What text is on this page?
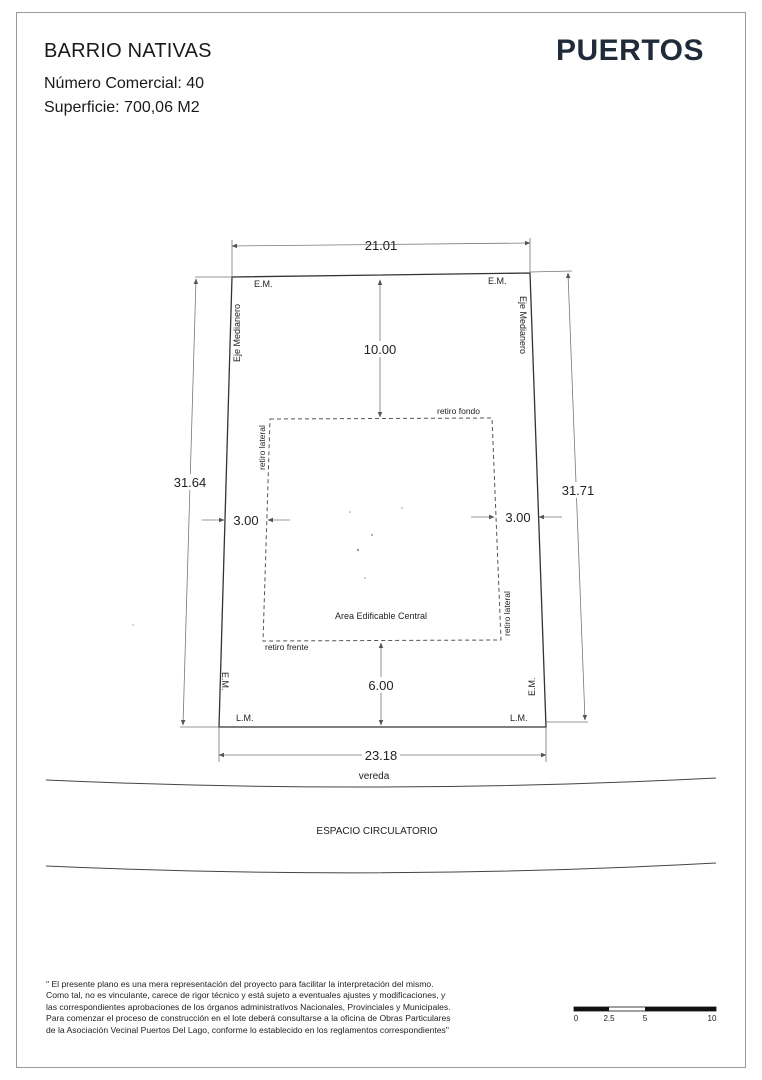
BARRIO NATIVAS
Número Comercial: 40
Superficie: 700,06 M2
PUERTOS
21.01
23.18
31.64
31.71
10.00
6.00
3.00	3.00
E.M.	E.M.
E.M.	E.M.
L.M.	L.M.
Eje Medianero	Eje Medianero
retiro fondo
retiro frente
retiro lateral
retiro lateral
Area Edificable Central
vereda
ESPACIO CIRCULATORIO
0	2.5	5	10

" El presente plano es una mera representación del proyecto para facilitar la interpretación del mismo.

Como tal, no es vinculante, carece de rigor técnico y está sujeto a eventuales ajustes y modificaciones, y

las correspondientes aprobaciones de los órganos administrativos Nacionales, Provinciales y Municipales.

Para comenzar el proceso de construcción en el lote deberá consultarse a la oficina de Obras Particulares

de la Asociación Vecinal Puertos Del Lago, conforme lo establecido en los reglamentos correspondientes"
